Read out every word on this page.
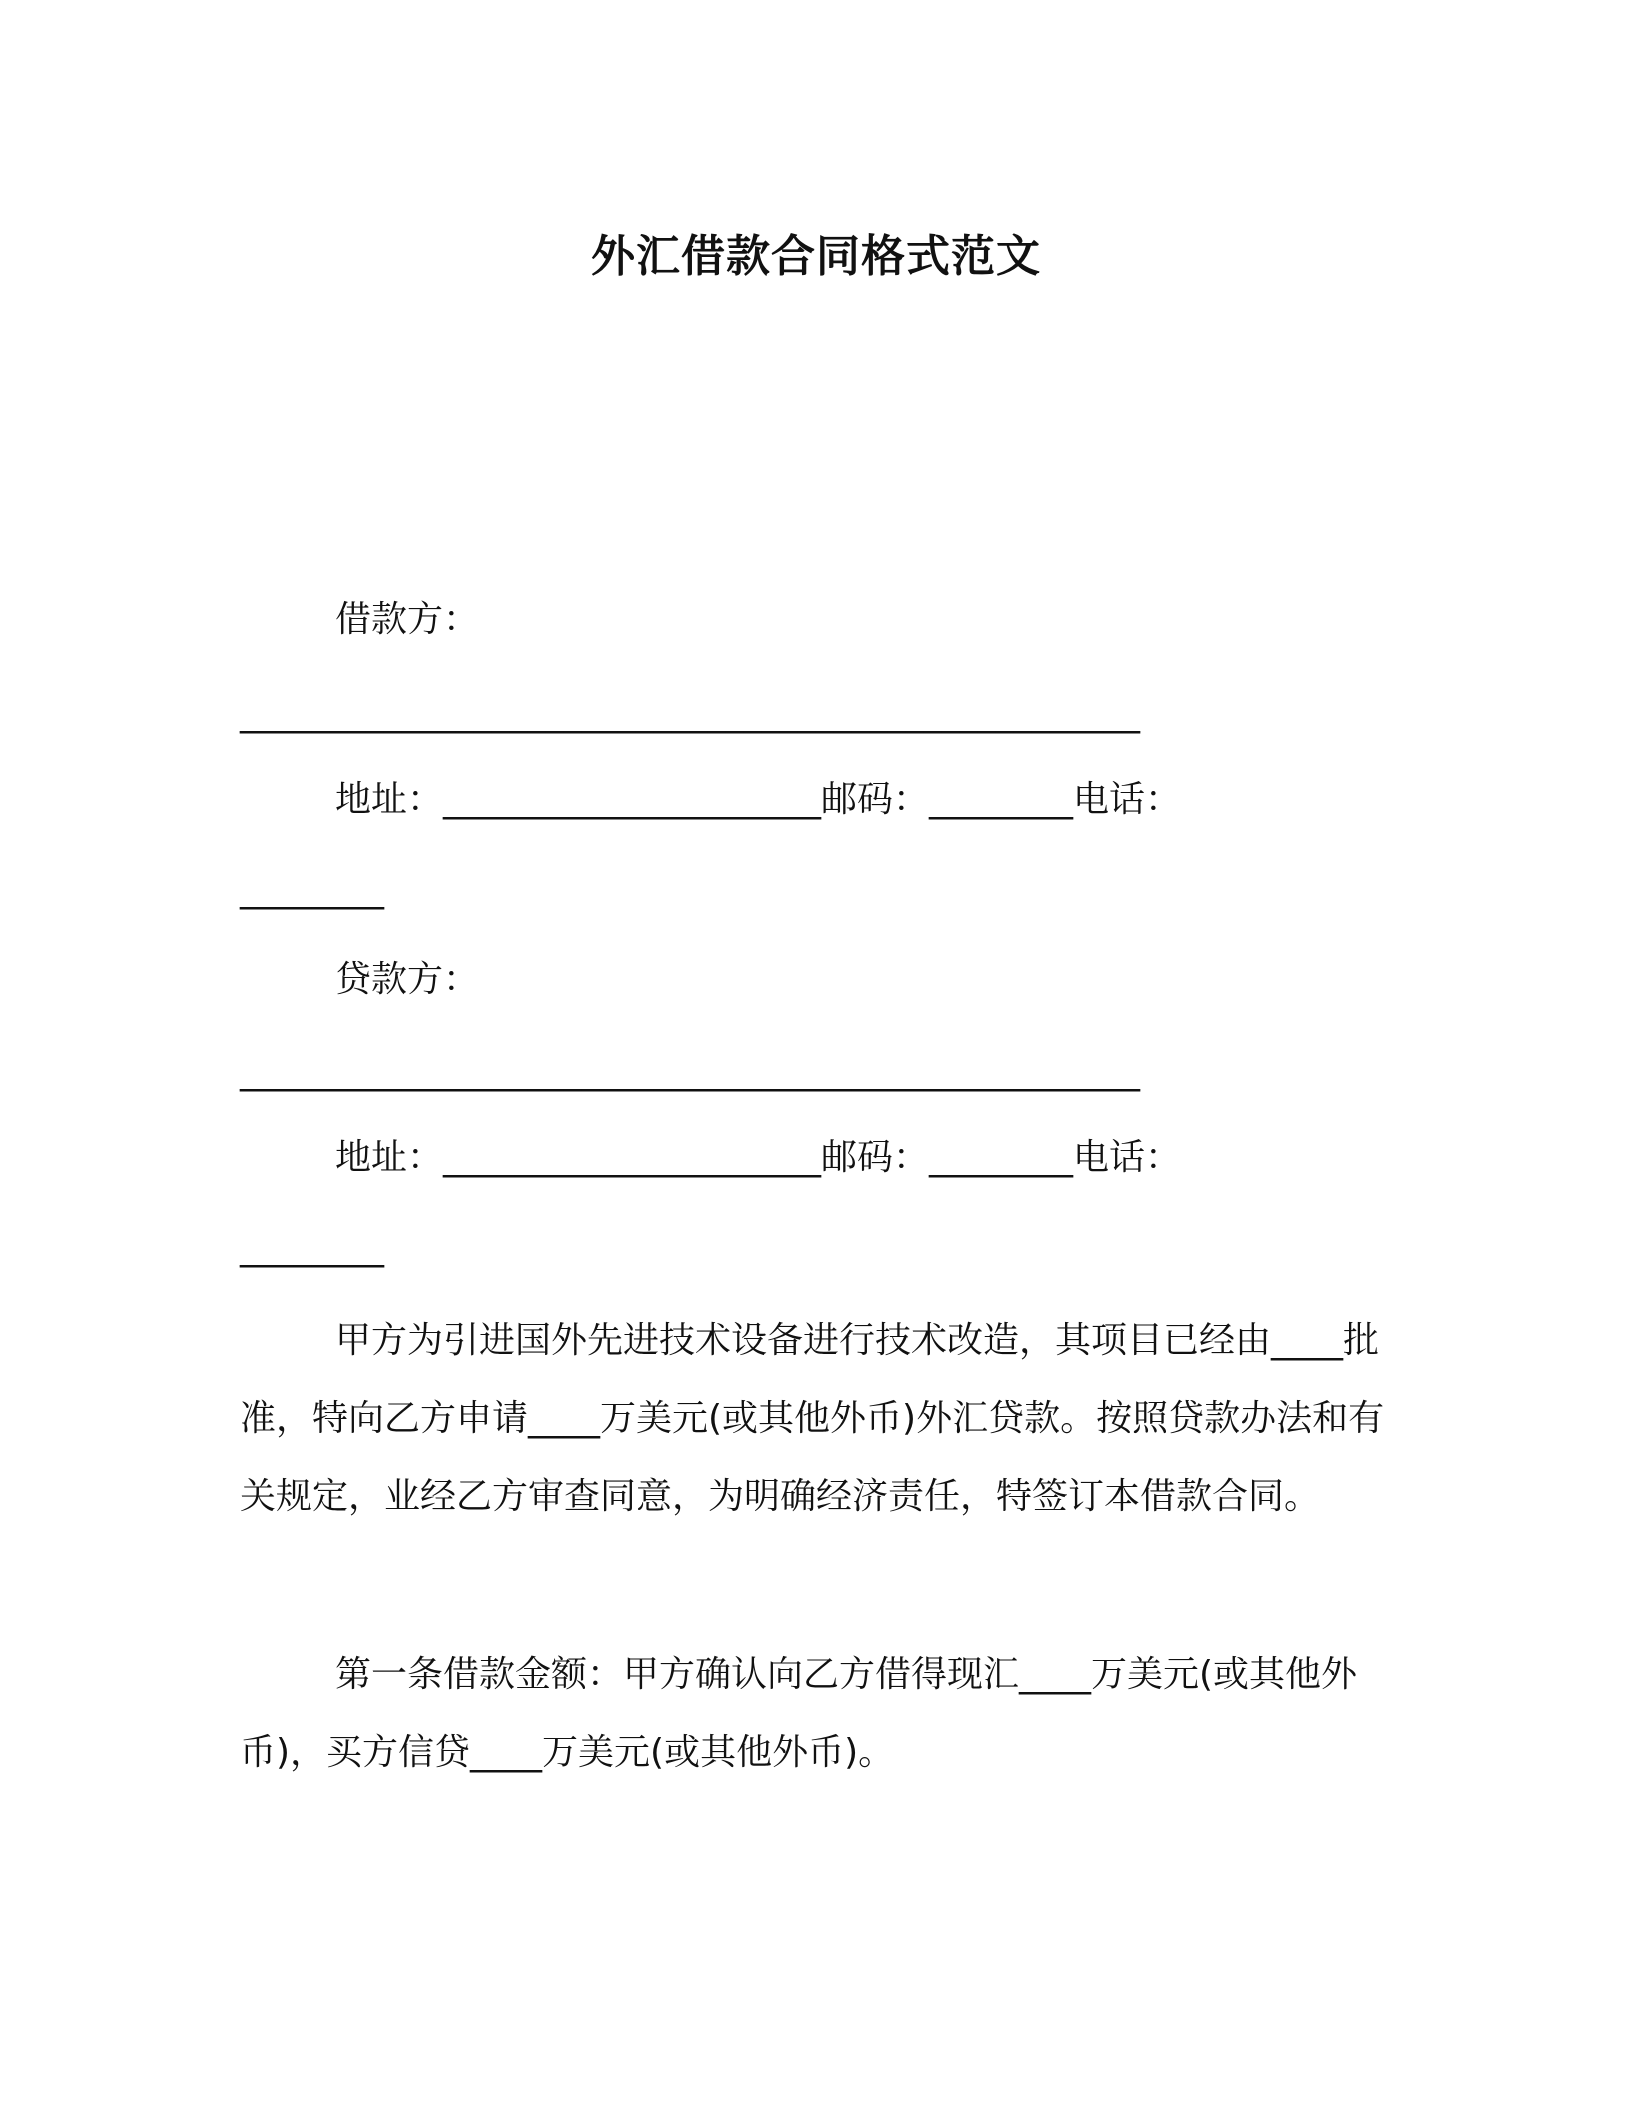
外汇借款合同格式范文
借款方：
__________________________________________________
地址：_____________________邮码：________电话：
________
贷款方：
__________________________________________________
地址：_____________________邮码：________电话：
________

甲方为引进国外先进技术设备进行技术改造，其项目已经由____批准，特向乙方申请____万美元(或其他外币)外汇贷款。按照贷款办法和有关规定，业经乙方审查同意，为明确经济责任，特签订本借款合同。

第一条借款金额：甲方确认向乙方借得现汇____万美元(或其他外币)，买方信贷____万美元(或其他外币)。
